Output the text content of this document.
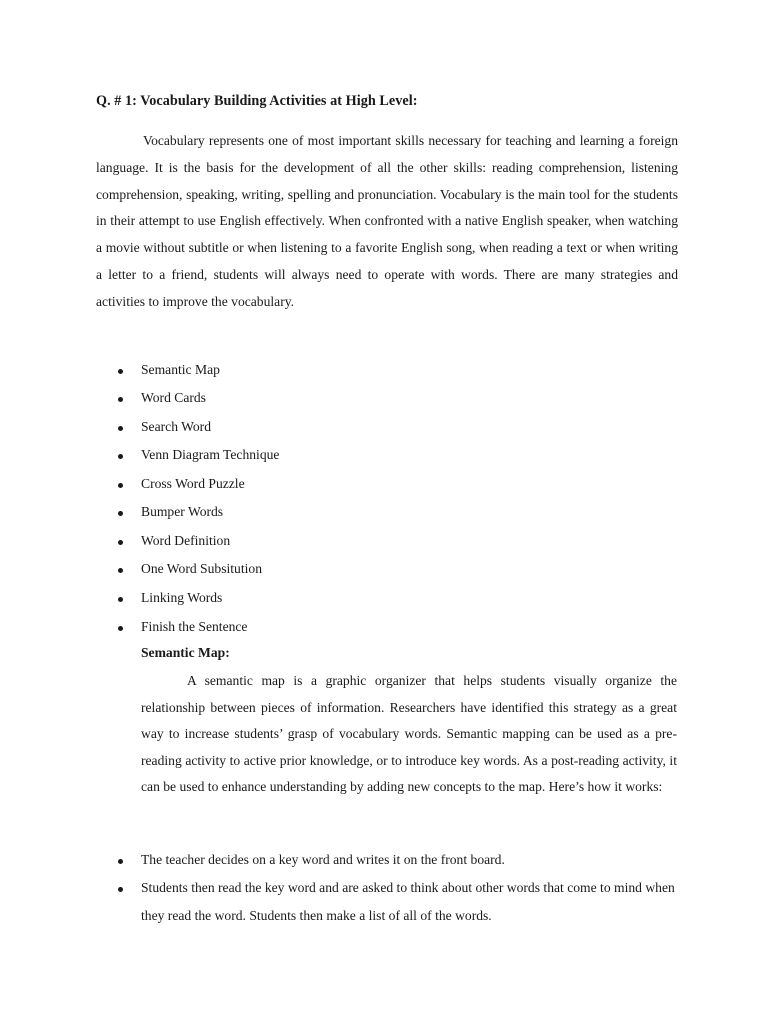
Q. # 1: Vocabulary Building Activities at High Level:

Vocabulary represents one of most important skills necessary for teaching and learning a foreign language. It is the basis for the development of all the other skills: reading comprehension, listening comprehension, speaking, writing, spelling and pronunciation. Vocabulary is the main tool for the students in their attempt to use English effectively. When confronted with a native English speaker, when watching a movie without subtitle or when listening to a favorite English song, when reading a text or when writing a letter to a friend, students will always need to operate with words. There are many strategies and activities to improve the vocabulary.

Semantic Map
Word Cards
Search Word
Venn Diagram Technique
Cross Word Puzzle
Bumper Words
Word Definition
One Word Subsitution
Linking Words
Finish the Sentence
Semantic Map:

A semantic map is a graphic organizer that helps students visually organize the relationship between pieces of information. Researchers have identified this strategy as a great way to increase students’ grasp of vocabulary words. Semantic mapping can be used as a pre-reading activity to active prior knowledge, or to introduce key words. As a post-reading activity, it can be used to enhance understanding by adding new concepts to the map. Here’s how it works:

The teacher decides on a key word and writes it on the front board.
Students then read the key word and are asked to think about other words that come to mind when they read the word. Students then make a list of all of the words.
